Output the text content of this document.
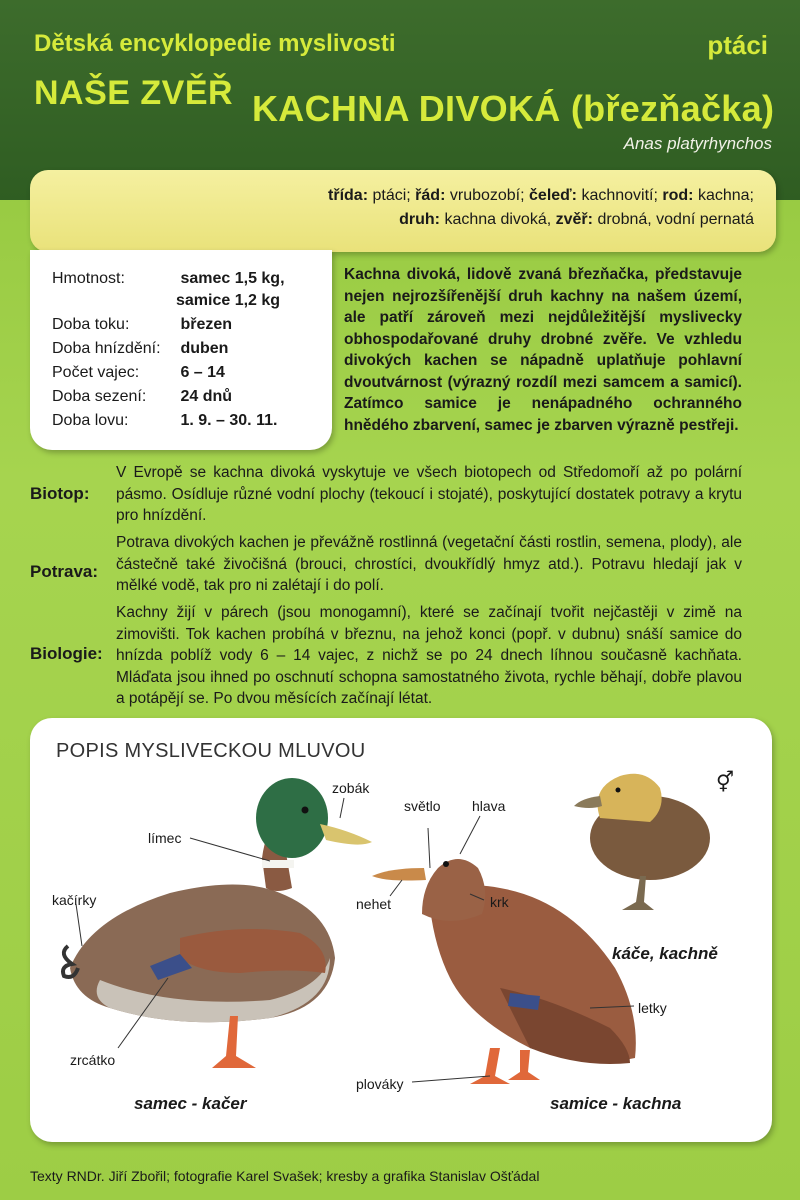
Dětská encyklopedie myslivosti	ptáci
NAŠE ZVĚŘ KACHNA DIVOKÁ (březňačka)
Anas platyrhynchos
třída: ptáci; řád: vrubozobí; čeleď: kachnovití; rod: kachna;
druh: kachna divoká, zvěř: drobná, vodní pernatá
Hmotnost:	samec 1,5 kg,
samice 1,2 kg
Doba toku:	březen
Doba hnízdění: duben
Počet vajec:	6 – 14
Doba sezení: 24 dnů
Doba lovu:	1. 9. – 30. 11.
Kachna divoká, lidově zvaná březňačka, představuje nejen nejrozšířenější druh kachny na našem území, ale patří zároveň mezi nejdůležitější myslivecky obhospodařované druhy drobné zvěře. Ve vzhledu divokých kachen se nápadně uplatňuje pohlavní dvoutvárnost (výrazný rozdíl mezi samcem a samicí). Zatímco samice je nenápadného ochranného hnědého zbarvení, samec je zbarven výrazně pestřeji.
Biotop:
V Evropě se kachna divoká vyskytuje ve všech biotopech od Středomoří až po polární pásmo. Osídluje různé vodní plochy (tekoucí i stojaté), poskytující dostatek potravy a krytu pro hnízdění.
Potrava:
Potrava divokých kachen je převážně rostlinná (vegetační části rostlin, semena, plody), ale částečně také živočišná (brouci, chrostíci, dvoukřídlý hmyz atd.). Potravu hledají jak v mělké vodě, tak pro ni zalétají i do polí.
Biologie:
Kachny žijí v párech (jsou monogamní), které se začínají tvořit nejčastěji v zimě na zimovišti. Tok kachen probíhá v březnu, na jehož konci (popř. v dubnu) snáší samice do hnízda poblíž vody 6 – 14 vajec, z nichž se po 24 dnech líhnou současně kachňata. Mláďata jsou ihned po oschnutí schopna samostatného života, rychle běhají, dobře plavou a potápějí se. Po dvou měsících začínají létat.
POPIS MYSLIVECKOU MLUVOU
zobák
světlo hlava
límec
kačírky	nehet	krk
letky
zrcátko
plováky
⚥
samec - kačer	samice - kachna
káče, kachně
Texty RNDr. Jiří Zbořil; fotografie Karel Svašek; kresby a grafika Stanislav Ošťádal
